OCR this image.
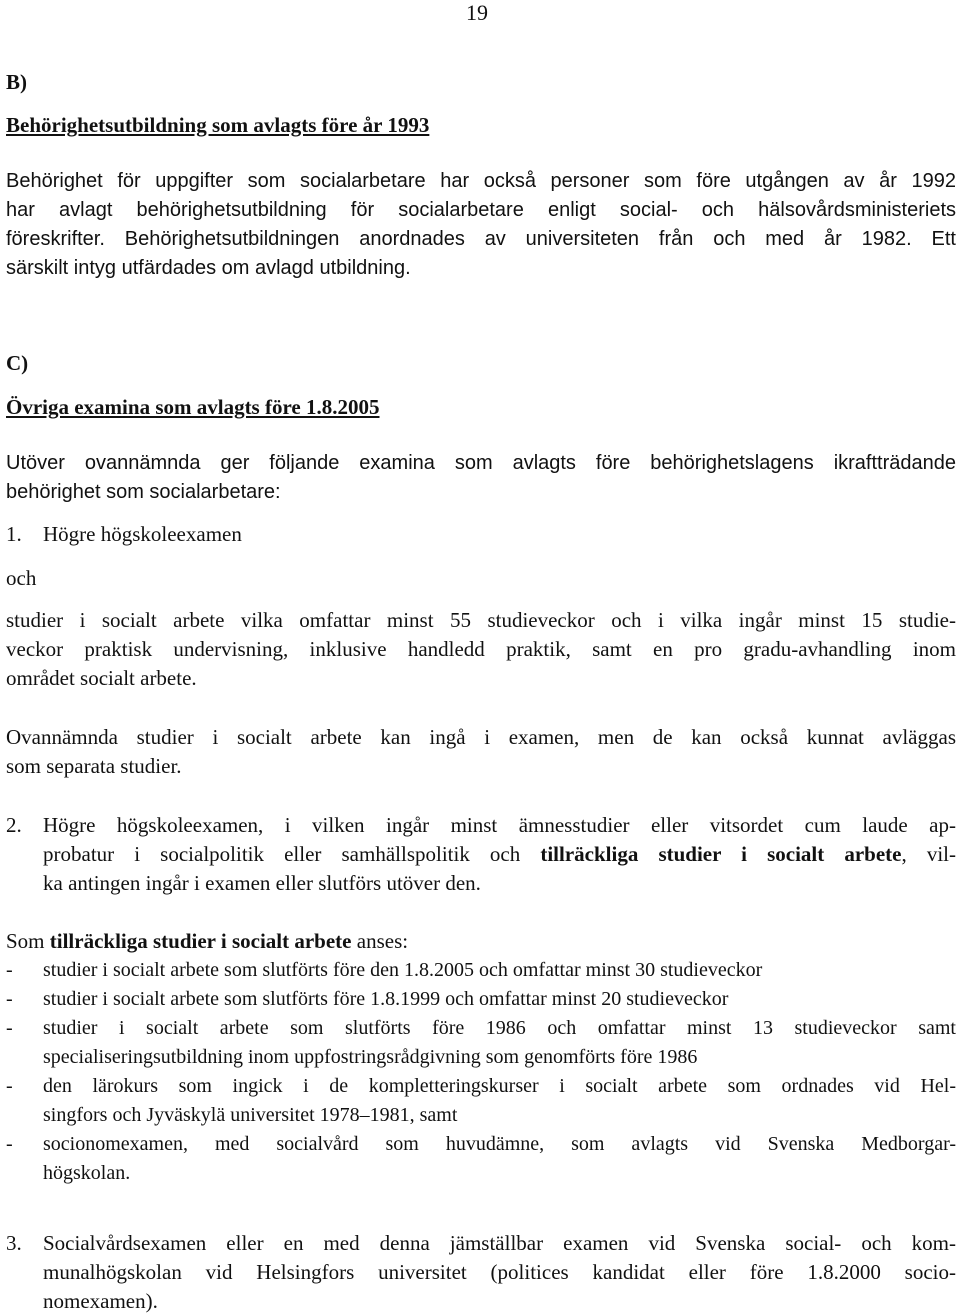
19
B)
Behörighetsutbildning som avlagts före år 1993
Behörighet för uppgifter som socialarbetare har också personer som före utgången av år 1992
har avlagt behörighetsutbildning för socialarbetare enligt social- och hälsovårdsministeriets
föreskrifter. Behörighetsutbildningen anordnades av universiteten från och med år 1982. Ett
särskilt intyg utfärdades om avlagd utbildning.
C)
Övriga examina som avlagts före 1.8.2005
Utöver ovannämnda ger följande examina som avlagts före behörighetslagens ikraftträdande
behörighet som socialarbetare:
1. Högre högskoleexamen
och
studier i socialt arbete vilka omfattar minst 55 studieveckor och i vilka ingår minst 15 studie-
veckor praktisk undervisning, inklusive handledd praktik, samt en pro gradu-avhandling inom
området socialt arbete.
Ovannämnda studier i socialt arbete kan ingå i examen, men de kan också kunnat avläggas
som separata studier.
2. Högre högskoleexamen, i vilken ingår minst ämnesstudier eller vitsordet cum laude ap-
probatur i socialpolitik eller samhällspolitik och tillräckliga studier i socialt arbete, vil-
ka antingen ingår i examen eller slutförs utöver den.
Som tillräckliga studier i socialt arbete anses:
- studier i socialt arbete som slutförts före den 1.8.2005 och omfattar minst 30 studieveckor
- studier i socialt arbete som slutförts före 1.8.1999 och omfattar minst 20 studieveckor
- studier i socialt arbete som slutförts före 1986 och omfattar minst 13 studieveckor samt
specialiseringsutbildning inom uppfostringsrådgivning som genomförts före 1986
- den lärokurs som ingick i de kompletteringskurser i socialt arbete som ordnades vid Hel-
singfors och Jyväskylä universitet 1978–1981, samt
- socionomexamen, med socialvård som huvudämne, som avlagts vid Svenska Medborgar-
högskolan.
3. Socialvårdsexamen eller en med denna jämställbar examen vid Svenska social- och kom-
munalhögskolan vid Helsingfors universitet (politices kandidat eller före 1.8.2000 socio-
nomexamen).
